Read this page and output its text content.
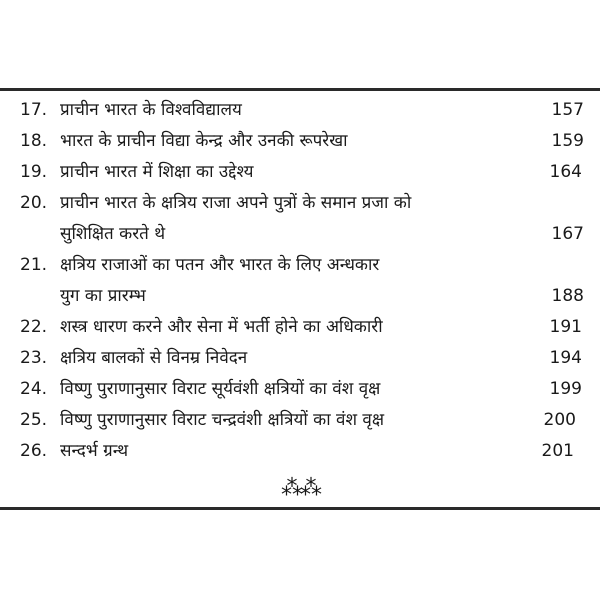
17. प्राचीन भारत के विश्वविद्यालय	157
18. भारत के प्राचीन विद्या केन्द्र और उनकी रूपरेखा	159
19. प्राचीन भारत में शिक्षा का उद्देश्य	164
20. प्राचीन भारत के क्षत्रिय राजा अपने पुत्रों के समान प्रजा को
सुशिक्षित करते थे	167
21. क्षत्रिय राजाओं का पतन और भारत के लिए अन्धकार
युग का प्रारम्भ	188
22. शस्त्र धारण करने और सेना में भर्ती होने का अधिकारी	191
23. क्षत्रिय बालकों से विनम्र निवेदन	194
24. विष्णु पुराणानुसार विराट सूर्यवंशी क्षत्रियों का वंश वृक्ष	199
25. विष्णु पुराणानुसार विराट चन्द्रवंशी क्षत्रियों का वंश वृक्ष	200
26. सन्दर्भ ग्रन्थ	201
⁂⁂
